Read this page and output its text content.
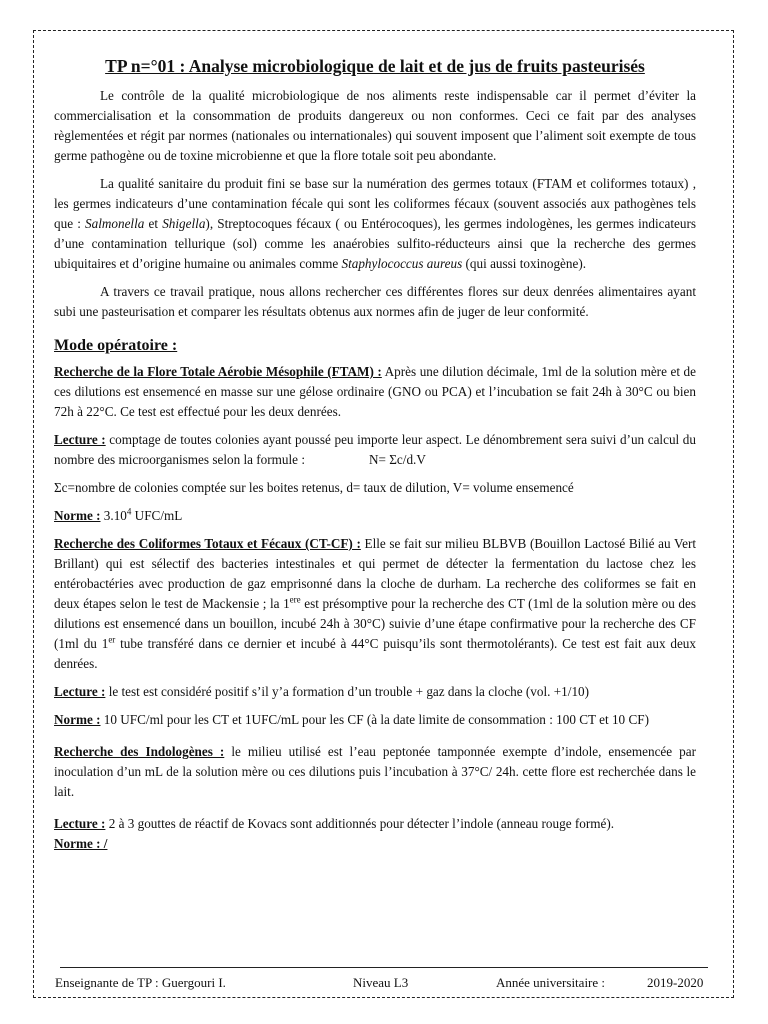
TP n=°01 : Analyse microbiologique de lait et de jus de fruits pasteurisés

Le contrôle de la qualité microbiologique de nos aliments reste indispensable car il permet d’éviter la commercialisation et la consommation de produits dangereux ou non conformes. Ceci ce fait par des analyses règlementées et régit par normes (nationales ou internationales) qui souvent imposent que l’aliment soit exempte de tous germe pathogène ou de toxine microbienne et que la flore totale soit peu abondante.

La qualité sanitaire du produit fini se base sur la numération des germes totaux (FTAM et coliformes totaux) , les germes indicateurs d’une contamination fécale qui sont les coliformes fécaux (souvent associés aux pathogènes tels que : Salmonella et Shigella), Streptocoques fécaux ( ou Entérocoques), les germes indologènes, les germes indicateurs d’une contamination tellurique (sol) comme les anaérobies sulfito-réducteurs ainsi que la recherche des germes ubiquitaires et d’origine humaine ou animales comme Staphylococcus aureus (qui aussi toxinogène).

A travers ce travail pratique, nous allons rechercher ces différentes flores sur deux denrées alimentaires ayant subi une pasteurisation et comparer les résultats obtenus aux normes afin de juger de leur conformité.

Mode opératoire :

Recherche de la Flore Totale Aérobie Mésophile (FTAM) : Après une dilution décimale, 1ml de la solution mère et de ces dilutions est ensemencé en masse sur une gélose ordinaire (GNO ou PCA) et l’incubation se fait 24h à 30°C ou bien 72h à 22°C. Ce test est effectué pour les deux denrées.

Lecture : comptage de toutes colonies ayant poussé peu importe leur aspect. Le dénombrement sera suivi d’un calcul du nombre des microorganismes selon la formule :	N= Ʃc/d.V

Ʃc=nombre de colonies comptée sur les boites retenus, d= taux de dilution, V= volume ensemencé

Norme : 3.10$^4$ UFC/mL

Recherche des Coliformes Totaux et Fécaux (CT-CF) : Elle se fait sur milieu BLBVB (Bouillon Lactosé Bilié au Vert Brillant) qui est sélectif des bacteries intestinales et qui permet de détecter la fermentation du lactose chez les entérobactéries avec production de gaz emprisonné dans la cloche de durham. La recherche des coliformes se fait en deux étapes selon le test de Mackensie ; la 1ere est présomptive pour la recherche des CT (1ml de la solution mère ou des dilutions est ensemencé dans un bouillon, incubé 24h à 30°C) suivie d’une étape confirmative pour la recherche des CF (1ml du 1er tube transféré dans ce dernier et incubé à 44°C puisqu’ils sont thermotolérants). Ce test est fait aux deux denrées.

Lecture : le test est considéré positif s’il y’a formation d’un trouble + gaz dans la cloche (vol. +1/10)

Norme : 10 UFC/ml pour les CT et 1UFC/mL pour les CF (à la date limite de consommation : 100 CT et 10 CF)

Recherche des Indologènes : le milieu utilisé est l’eau peptonée tamponnée exempte d’indole, ensemencée par inoculation d’un mL de la solution mère ou ces dilutions puis l’incubation à 37°C/ 24h. cette flore est recherchée dans le lait.

Lecture : 2 à 3 gouttes de réactif de Kovacs sont additionnés pour détecter l’indole (anneau rouge formé).

Norme : /

Enseignante de TP : Guergouri I.	Niveau L3	Année universitaire :	2019-2020
